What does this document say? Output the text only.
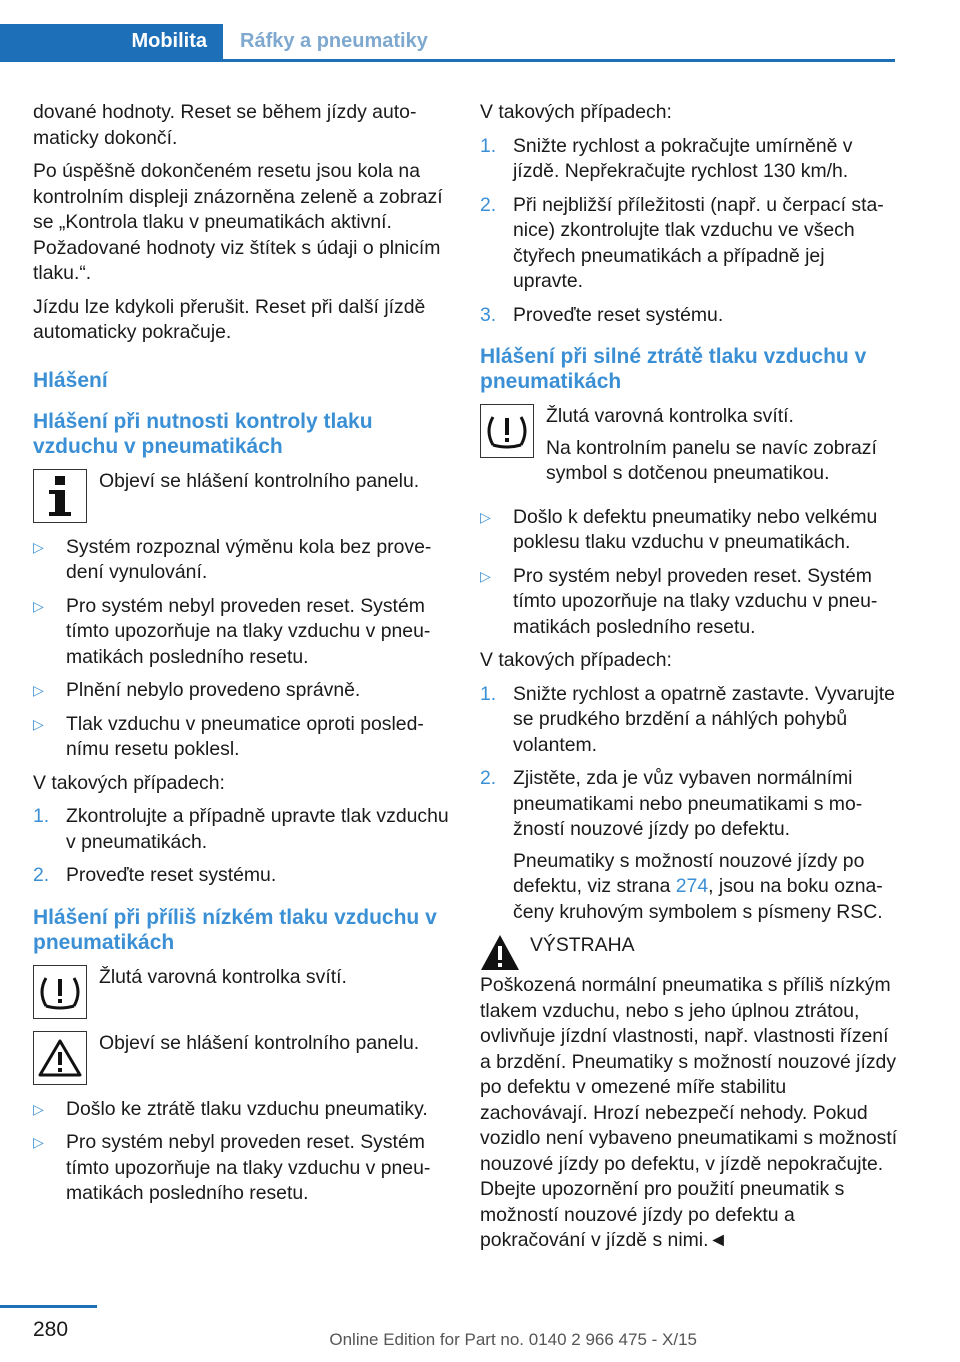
Mobilita Ráfky a pneumatiky

dované hodnoty. Reset se během jízdy automaticky dokončí.

Po úspěšně dokončeném resetu jsou kola na kontrolním displeji znázorněna zeleně a zobrazí se „Kontrola tlaku v pneumatikách aktivní. Požadované hodnoty viz štítek s údaji o plnicím tlaku.“.

Jízdu lze kdykoli přerušit. Reset při další jízdě automaticky pokračuje.

Hlášení
Hlášení při nutnosti kontroly tlaku vzduchu v pneumatikách

Objeví se hlášení kontrolního panelu.

▷ Systém rozpoznal výměnu kola bez provedení vynulování.
▷ Pro systém nebyl proveden reset. Systém tímto upozorňuje na tlaky vzduchu v pneumatikách posledního resetu.
▷ Plnění nebylo provedeno správně.
▷ Tlak vzduchu v pneumatice oproti poslednímu resetu poklesl.

V takových případech:

1. Zkontrolujte a případně upravte tlak vzduchu v pneumatikách.
2. Proveďte reset systému.
Hlášení při příliš nízkém tlaku vzduchu v pneumatikách

Žlutá varovná kontrolka svítí.

Objeví se hlášení kontrolního panelu.

▷ Došlo ke ztrátě tlaku vzduchu pneumatiky.
▷ Pro systém nebyl proveden reset. Systém tímto upozorňuje na tlaky vzduchu v pneumatikách posledního resetu.

V takových případech:

1. Snižte rychlost a pokračujte umírněně v jízdě. Nepřekračujte rychlost 130 km/h.
2. Při nejbližší příležitosti (např. u čerpací stanice) zkontrolujte tlak vzduchu ve všech čtyřech pneumatikách a případně jej upravte.
3. Proveďte reset systému.
Hlášení při silné ztrátě tlaku vzduchu v pneumatikách

Žlutá varovná kontrolka svítí.

Na kontrolním panelu se navíc zobrazí symbol s dotčenou pneumatikou.

▷ Došlo k defektu pneumatiky nebo velkému poklesu tlaku vzduchu v pneumatikách.
▷ Pro systém nebyl proveden reset. Systém tímto upozorňuje na tlaky vzduchu v pneumatikách posledního resetu.

V takových případech:

1. Snižte rychlost a opatrně zastavte. Vyvarujte se prudkého brzdění a náhlých pohybů volantem.
2. Zjistěte, zda je vůz vybaven normálními pneumatikami nebo pneumatikami s možností nouzové jízdy po defektu.

Pneumatiky s možností nouzové jízdy po defektu, viz strana 274, jsou na boku označeny kruhovým symbolem s písmeny RSC.

VÝSTRAHA

Poškozená normální pneumatika s příliš nízkým tlakem vzduchu, nebo s jeho úplnou ztrátou, ovlivňuje jízdní vlastnosti, např. vlastnosti řízení a brzdění. Pneumatiky s možností nouzové jízdy po defektu v omezené míře stabilitu zachovávají. Hrozí nebezpečí nehody. Pokud vozidlo není vybaveno pneumatikami s možností nouzové jízdy po defektu, v jízdě nepokračujte. Dbejte upozornění pro použití pneumatik s možností nouzové jízdy po defektu a pokračování v jízdě s nimi.◄

280	Online Edition for Part no. 0140 2 966 475 - X/15
